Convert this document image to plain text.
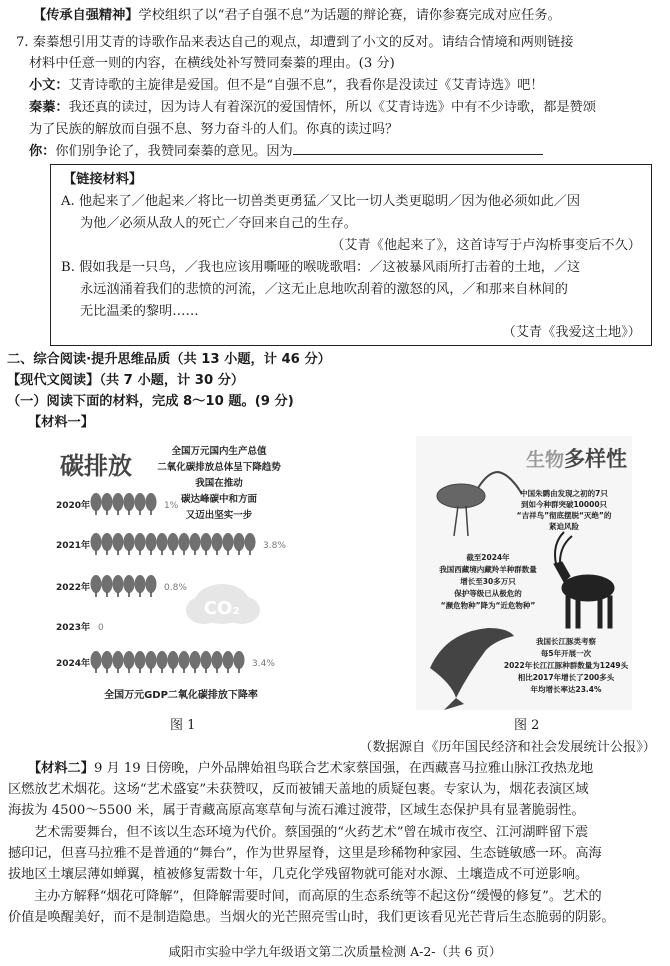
【传承自强精神】学校组织了以“君子自强不息”为话题的辩论赛，请你参赛完成对应任务。
7. 秦蓁想引用艾青的诗歌作品来表达自己的观点，却遭到了小文的反对。请结合情境和两则链接
材料中任意一则的内容，在横线处补写赞同秦蓁的理由。(3 分)
小文：艾青诗歌的主旋律是爱国。但不是“自强不息”，我看你是没读过《艾青诗选》吧！
秦蓁：我还真的读过，因为诗人有着深沉的爱国情怀，所以《艾青诗选》中有不少诗歌，都是赞颂
为了民族的解放而自强不息、努力奋斗的人们。你真的读过吗？
你：你们别争论了，我赞同秦蓁的意见。因为
【链接材料】
A. 他起来了／他起来／将比一切兽类更勇猛／又比一切人类更聪明／因为他必须如此／因
为他／必须从敌人的死亡／夺回来自己的生存。
（艾青《他起来了》，这首诗写于卢沟桥事变后不久）
B. 假如我是一只鸟，／我也应该用嘶哑的喉咙歌唱：／这被暴风雨所打击着的土地，／这
永远汹涌着我们的悲愤的河流，／这无止息地吹刮着的激怒的风，／和那来自林间的
无比温柔的黎明……
（艾青《我爱这土地》）
二、综合阅读·提升思维品质（共 13 小题，计 46 分）
【现代文阅读】（共 7 小题，计 30 分）
（一）阅读下面的材料，完成 8～10 题。(9 分)
【材料一】
碳排放
全国万元国内生产总值
二氧化碳排放总体呈下降趋势
我国在推动
碳达峰碳中和方面
又迈出坚实一步
CO₂
2020年	1%
2021年	3.8%
2022年	0.8%
2023年 0
2024年	3.4%
全国万元GDP二氧化碳排放下降率
生物 多样性
中国朱鹮由发现之初的7只
到如今种群突破10000只
“吉祥鸟”彻底摆脱“灭绝”的
紧迫风险
截至2024年
我国西藏境内藏羚羊种群数量
增长至30多万只
保护等级已从极危的
“濒危物种”降为“近危物种”
我国长江豚类考察
每5年开展一次
2022年长江江豚种群数量为1249头
相比2017年增长了200多头
年均增长率达23.4%
图 1	图 2
（数据源自《历年国民经济和社会发展统计公报》）
【材料二】9 月 19 日傍晚，户外品牌始祖鸟联合艺术家蔡国强，在西藏喜马拉雅山脉江孜热龙地
区燃放艺术烟花。这场“艺术盛宴”未获赞叹，反而被铺天盖地的质疑包裹。专家认为，烟花表演区域
海拔为 4500～5500 米，属于青藏高原高寒草甸与流石滩过渡带，区域生态保护具有显著脆弱性。
艺术需要舞台，但不该以生态环境为代价。蔡国强的“火药艺术”曾在城市夜空、江河湖畔留下震
撼印记，但喜马拉雅不是普通的“舞台”，作为世界屋脊，这里是珍稀物种家园、生态链敏感一环。高海
拔地区土壤层薄如蝉翼，植被修复需数十年，几克化学残留物就可能对水源、土壤造成不可逆影响。
主办方解释“烟花可降解”，但降解需要时间，而高原的生态系统等不起这份“缓慢的修复”。艺术的
价值是唤醒美好，而不是制造隐患。当烟火的光芒照亮雪山时，我们更该看见光芒背后生态脆弱的阴影。
咸阳市实验中学九年级语文第二次质量检测 A-2-（共 6 页）
